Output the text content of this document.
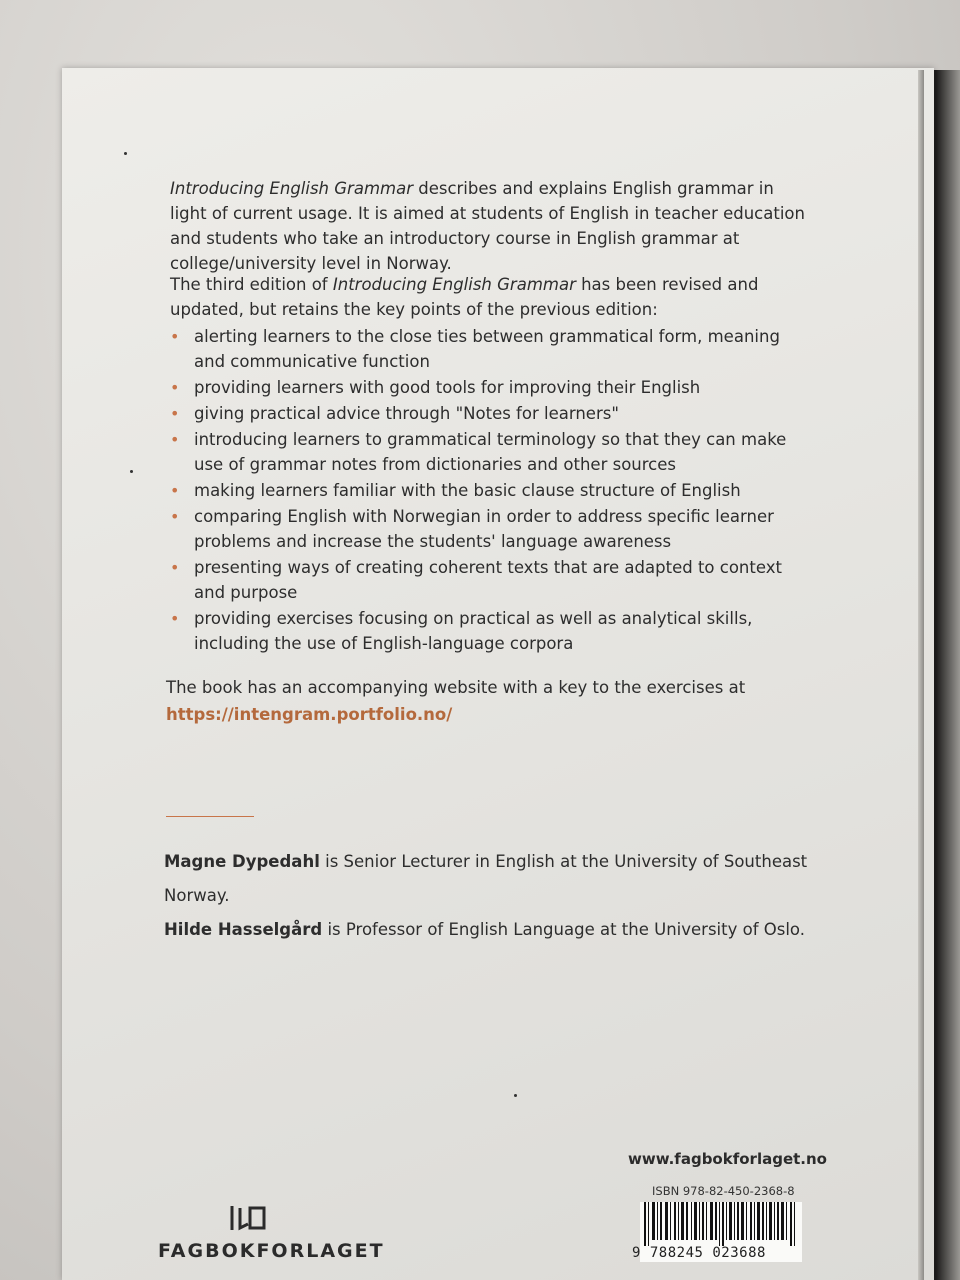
Introducing English Grammar describes and explains English grammar in light of current usage. It is aimed at students of English in teacher education and students who take an introductory course in English grammar at college/university level in Norway.
The third edition of Introducing English Grammar has been revised and updated, but retains the key points of the previous edition:
• alerting learners to the close ties between grammatical form, meaning and communicative function
• providing learners with good tools for improving their English
• giving practical advice through "Notes for learners"
• introducing learners to grammatical terminology so that they can make use of grammar notes from dictionaries and other sources
• making learners familiar with the basic clause structure of English
• comparing English with Norwegian in order to address specific learner problems and increase the students' language awareness
• presenting ways of creating coherent texts that are adapted to context and purpose
• providing exercises focusing on practical as well as analytical skills, including the use of English-language corpora
The book has an accompanying website with a key to the exercises at
https://intengram.portfolio.no/
Magne Dypedahl is Senior Lecturer in English at the University of Southeast Norway.
Hilde Hasselgård is Professor of English Language at the University of Oslo.
www.fagbokforlaget.no
ISBN 978-82-450-2368-8
9 788245 023688
FAGBOKFORLAGET
